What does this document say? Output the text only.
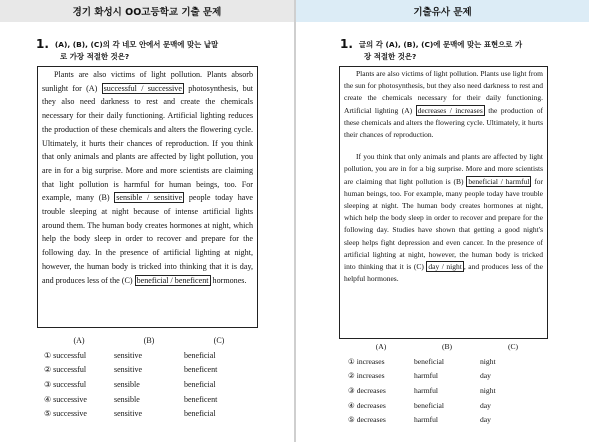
경기 화성시 OO고등학교 기출 문제	기출유사 문제
1. (A), (B), (C)의 각 네모 안에서 문맥에 맞는 낱말
로 가장 적절한 것은?

Plants are also victims of light pollution. Plants absorb sunlight for (A) successful / successive photosynthesis, but they also need darkness to rest and create the chemicals necessary for their daily functioning. Artificial lighting reduces the production of these chemicals and alters the flowering cycle. Ultimately, it hurts their chances of reproduction. If you think that only animals and plants are affected by light pollution, you are in for a big surprise. More and more scientists are claiming that light pollution is harmful for human beings, too. For example, many (B) sensible / sensitive people today have trouble sleeping at night because of intense artificial lights around them. The human body creates hormones at night, which help the body sleep in order to recover and prepare for the following day. In the presence of artificial lighting at night, however, the human body is tricked into thinking that it is day, and produces less of the (C) beneficial / beneficent hormones.

(A)	(B)	(C)
① successful	sensitive	beneficial
② successful	sensitive	beneficent
③ successful	sensible	beneficial
④ successive	sensible	beneficent
⑤ successive	sensitive	beneficial
1. 글의 각 (A), (B), (C)에 문맥에 맞는 표현으로 가
장 적절한 것은?

Plants are also victims of light pollution. Plants use light from the sun for photosynthesis, but they also need darkness to rest and create the chemicals necessary for their daily functioning. Artificial lighting (A) decreases / increases the production of these chemicals and alters the flowering cycle. Ultimately, it hurts their chances of reproduction.

If you think that only animals and plants are affected by light pollution, you are in for a big surprise. More and more scientists are claiming that light pollution is (B) beneficial / harmful for human beings, too. For example, many people today have trouble sleeping at night. The human body creates hormones at night, which help the body sleep in order to recover and prepare for the following day. Studies have shown that getting a good night's sleep helps fight depression and even cancer. In the presence of artificial lighting at night, however, the human body is tricked into thinking that it is (C) day / night , and produces less of the helpful hormones.

(A)	(B)	(C)
① increases	beneficial	night
② increases	harmful	day
③ decreases	harmful	night
④ decreases	beneficial	day
⑤ decreases	harmful	day
